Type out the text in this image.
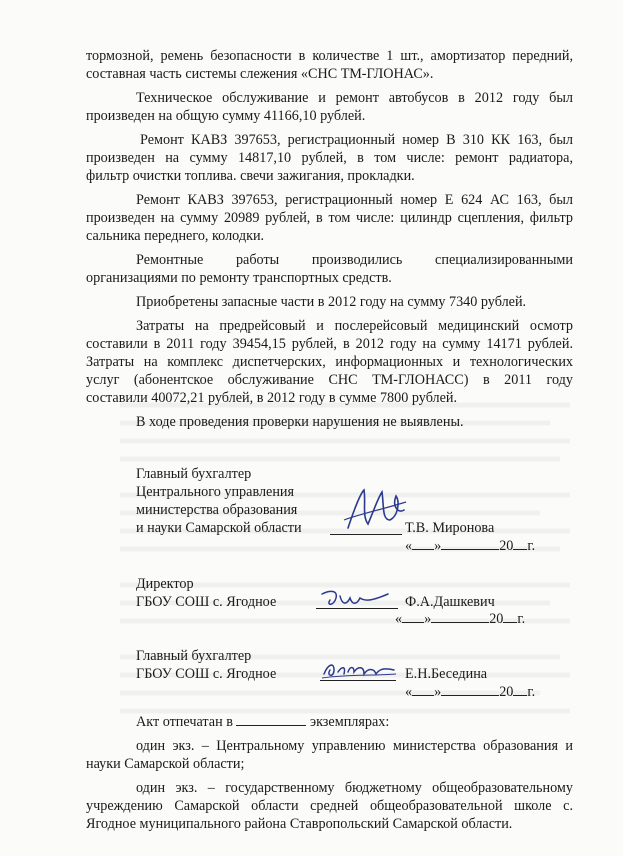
тормозной, ремень безопасности в количестве 1 шт., амортизатор передний,
составная часть системы слежения «СНС ТМ-ГЛОНАС».
Техническое обслуживание и ремонт автобусов в 2012 году был
произведен на общую сумму 41166,10 рублей.
Ремонт КАВЗ 397653, регистрационный номер В 310 КК 163, был
произведен на сумму 14817,10 рублей, в том числе: ремонт радиатора,
фильтр очистки топлива. свечи зажигания, прокладки.
Ремонт КАВЗ 397653, регистрационный номер Е 624 АС 163, был
произведен на сумму 20989 рублей, в том числе: цилиндр сцепления, фильтр
сальника переднего, колодки.
Ремонтные работы производились специализированными
организациями по ремонту транспортных средств.
Приобретены запасные части в 2012 году на сумму 7340 рублей.
Затраты на предрейсовый и послерейсовый медицинский осмотр
составили в 2011 году 39454,15 рублей, в 2012 году на сумму 14171 рублей.
Затраты на комплекс диспетчерских, информационных и технологических
услуг (абонентское обслуживание СНС ТМ-ГЛОНАСС) в 2011 году
составили 40072,21 рублей, в 2012 году в сумме 7800 рублей.
В ходе проведения проверки нарушения не выявлены.
Главный бухгалтер
Центрального управления
министерства образования
и науки Самарской области	Т.В. Миронова
« »	20 г.
Директор
ГБОУ СОШ с. Ягодное	Ф.А.Дашкевич
« »	20 г.
Главный бухгалтер
ГБОУ СОШ с. Ягодное	Е.Н.Беседина
« »	20 г.
Акт отпечатан в	экземплярах:
один экз. – Центральному управлению министерства образования и
науки Самарской области;
один экз. – государственному бюджетному общеобразовательному
учреждению Самарской области средней общеобразовательной школе с.
Ягодное муниципального района Ставропольский Самарской области.
